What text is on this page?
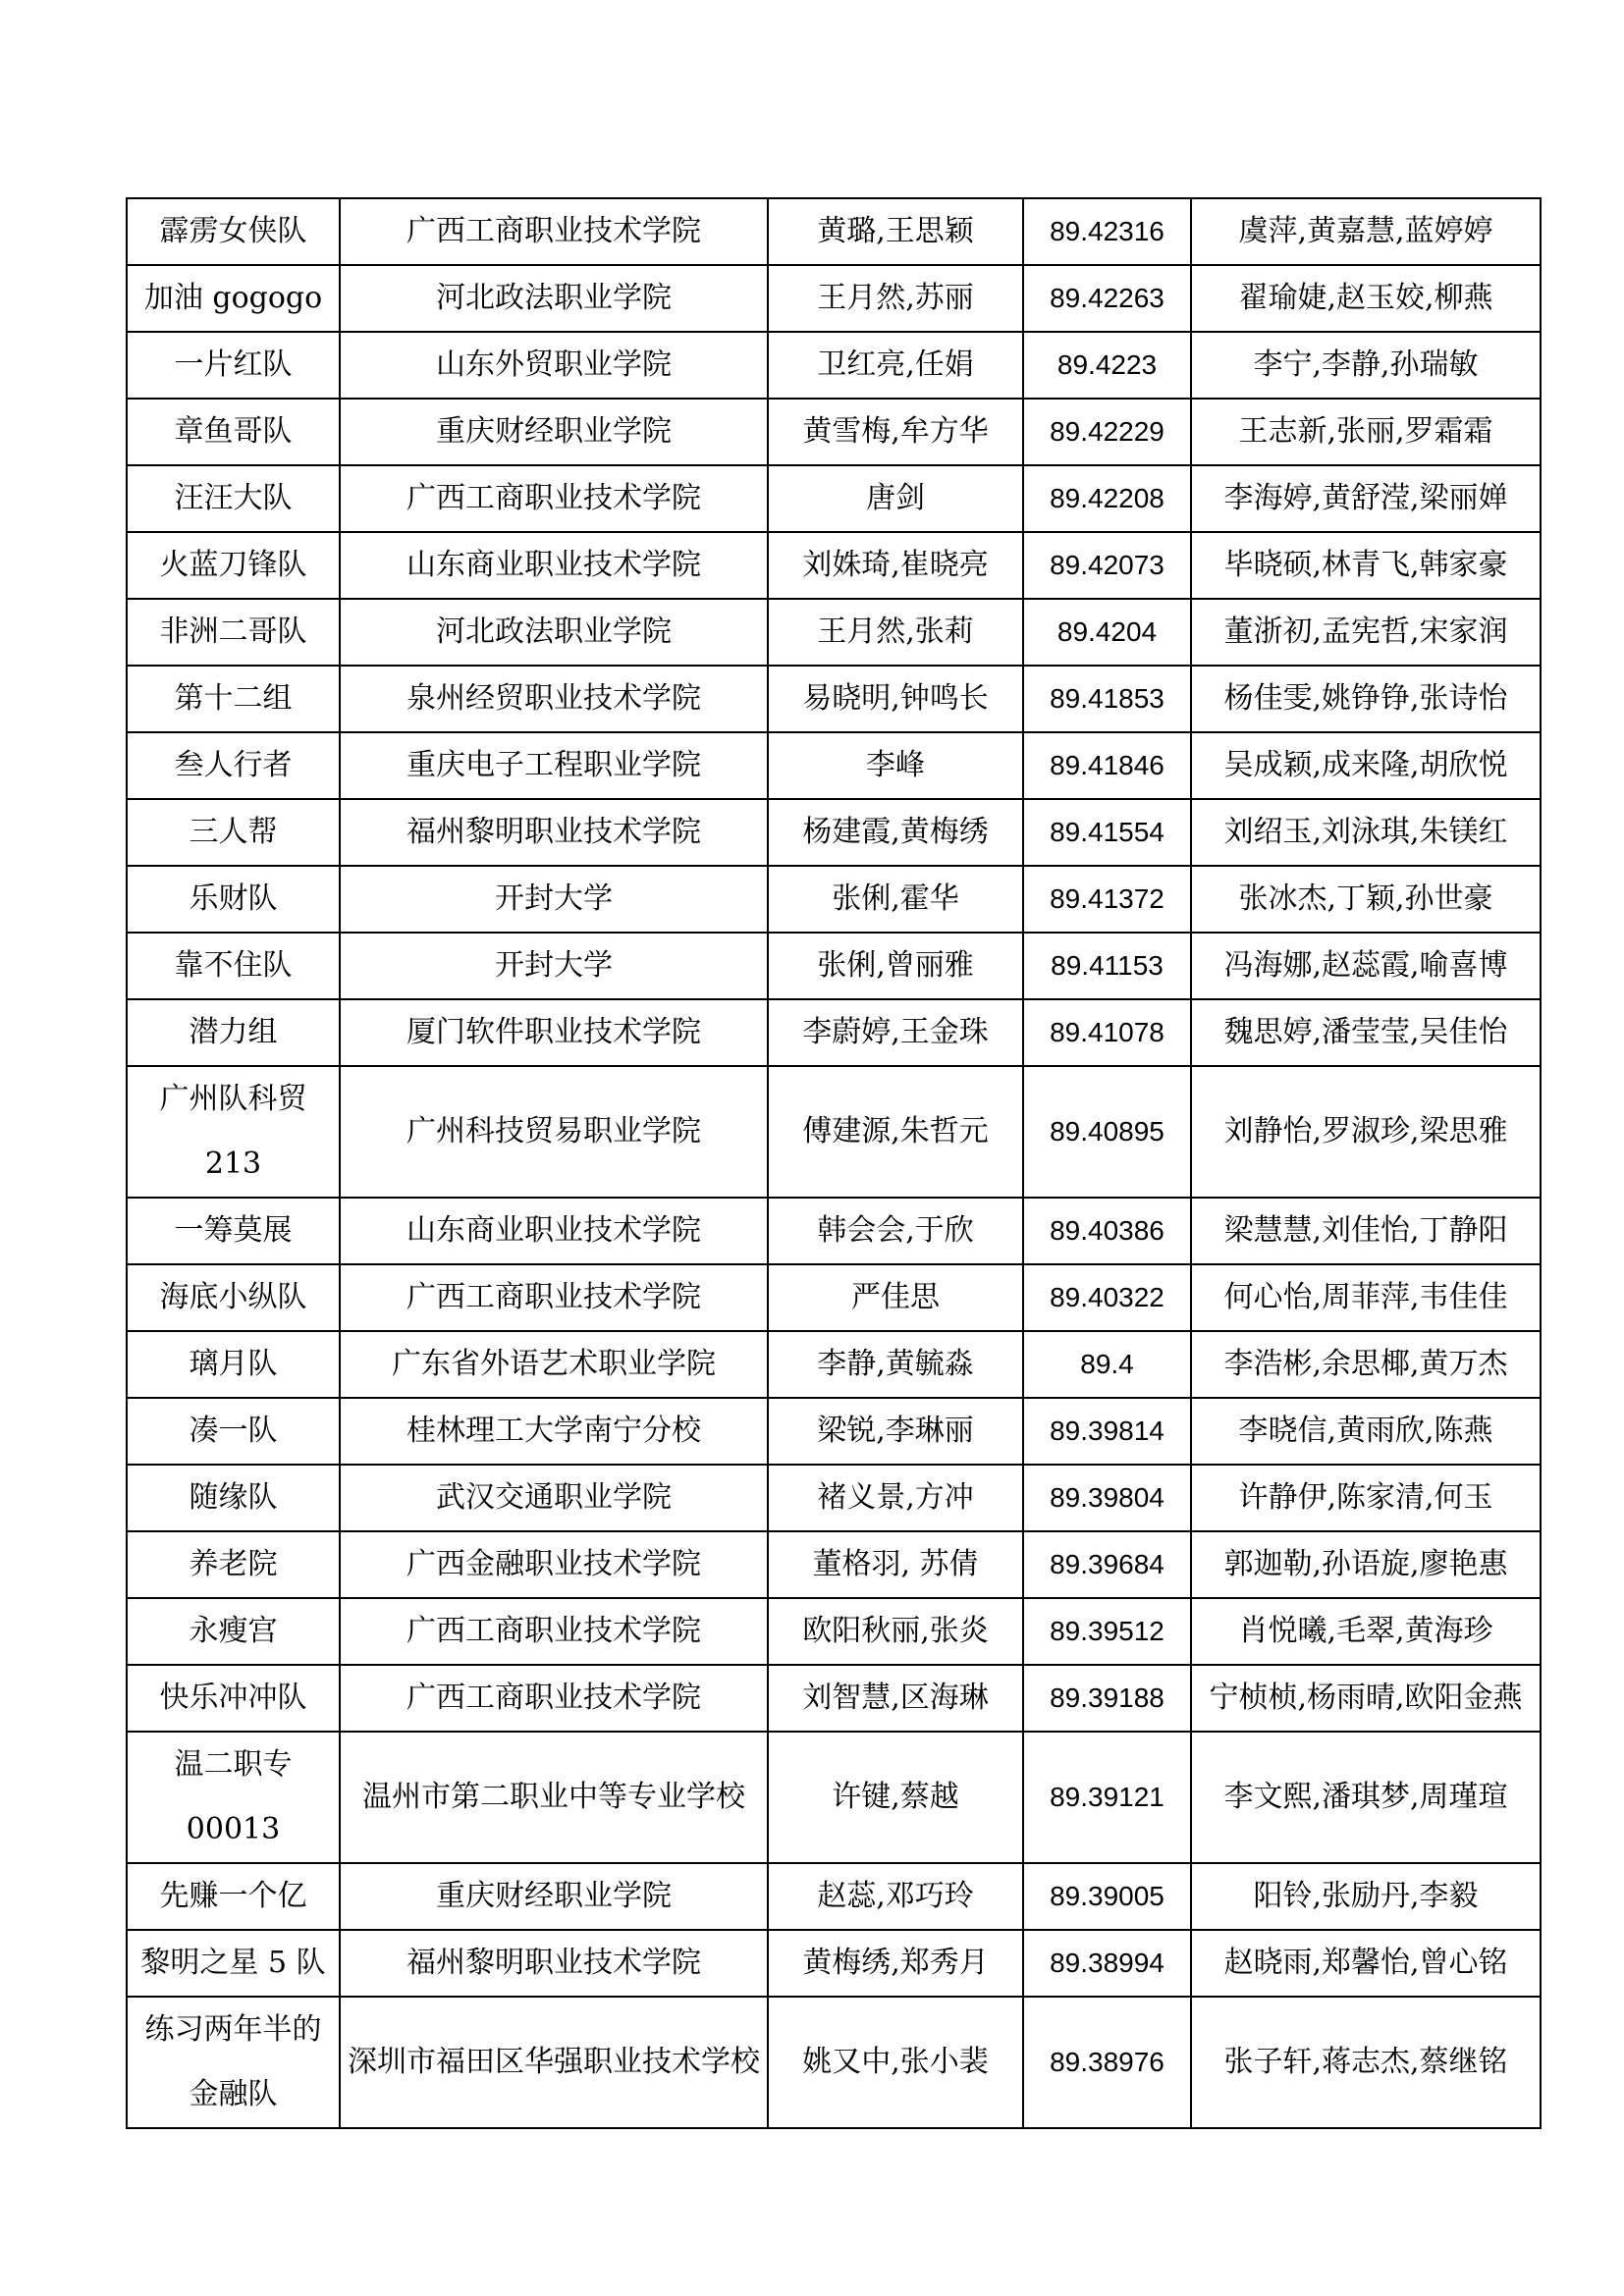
霹雳女侠队	广西工商职业技术学院	黄璐,王思颖	89.42316	虞萍,黄嘉慧,蓝婷婷
加油 gogogo	河北政法职业学院	王月然,苏丽	89.42263	翟瑜婕,赵玉姣,柳燕
一片红队	山东外贸职业学院	卫红亮,任娟	89.4223	李宁,李静,孙瑞敏
章鱼哥队	重庆财经职业学院	黄雪梅,牟方华	89.42229	王志新,张丽,罗霜霜
汪汪大队	广西工商职业技术学院	唐剑	89.42208	李海婷,黄舒滢,梁丽婵
火蓝刀锋队	山东商业职业技术学院	刘姝琦,崔晓亮	89.42073	毕晓硕,林青飞,韩家豪
非洲二哥队	河北政法职业学院	王月然,张莉	89.4204	董浙初,孟宪哲,宋家润
第十二组	泉州经贸职业技术学院	易晓明,钟鸣长	89.41853	杨佳雯,姚铮铮,张诗怡
叁人行者	重庆电子工程职业学院	李峰	89.41846	吴成颖,成来隆,胡欣悦
三人帮	福州黎明职业技术学院	杨建霞,黄梅绣	89.41554	刘绍玉,刘泳琪,朱镁红
乐财队	开封大学	张俐,霍华	89.41372	张冰杰,丁颖,孙世豪
靠不住队	开封大学	张俐,曾丽雅	89.41153	冯海娜,赵蕊霞,喻喜博
潜力组	厦门软件职业技术学院	李蔚婷,王金珠	89.41078	魏思婷,潘莹莹,吴佳怡
广州队科贸213	广州科技贸易职业学院	傅建源,朱哲元	89.40895	刘静怡,罗淑珍,梁思雅
一筹莫展	山东商业职业技术学院	韩会会,于欣	89.40386	梁慧慧,刘佳怡,丁静阳
海底小纵队	广西工商职业技术学院	严佳思	89.40322	何心怡,周菲萍,韦佳佳
璃月队	广东省外语艺术职业学院	李静,黄毓淼	89.4	李浩彬,余思椰,黄万杰
凑一队	桂林理工大学南宁分校	梁锐,李琳丽	89.39814	李晓信,黄雨欣,陈燕
随缘队	武汉交通职业学院	褚义景,方冲	89.39804	许静伊,陈家清,何玉
养老院	广西金融职业技术学院	董格羽, 苏倩	89.39684	郭迦勒,孙语旋,廖艳惠
永瘦宫	广西工商职业技术学院	欧阳秋丽,张炎	89.39512	肖悦曦,毛翠,黄海珍
快乐冲冲队	广西工商职业技术学院	刘智慧,区海琳	89.39188	宁桢桢,杨雨晴,欧阳金燕
温二职专00013	温州市第二职业中等专业学校	许键,蔡越	89.39121	李文熙,潘琪梦,周瑾瑄
先赚一个亿	重庆财经职业学院	赵蕊,邓巧玲	89.39005	阳铃,张励丹,李毅
黎明之星 5 队	福州黎明职业技术学院	黄梅绣,郑秀月	89.38994	赵晓雨,郑馨怡,曾心铭
练习两年半的金融队	深圳市福田区华强职业技术学校	姚又中,张小裴	89.38976	张子轩,蒋志杰,蔡继铭
